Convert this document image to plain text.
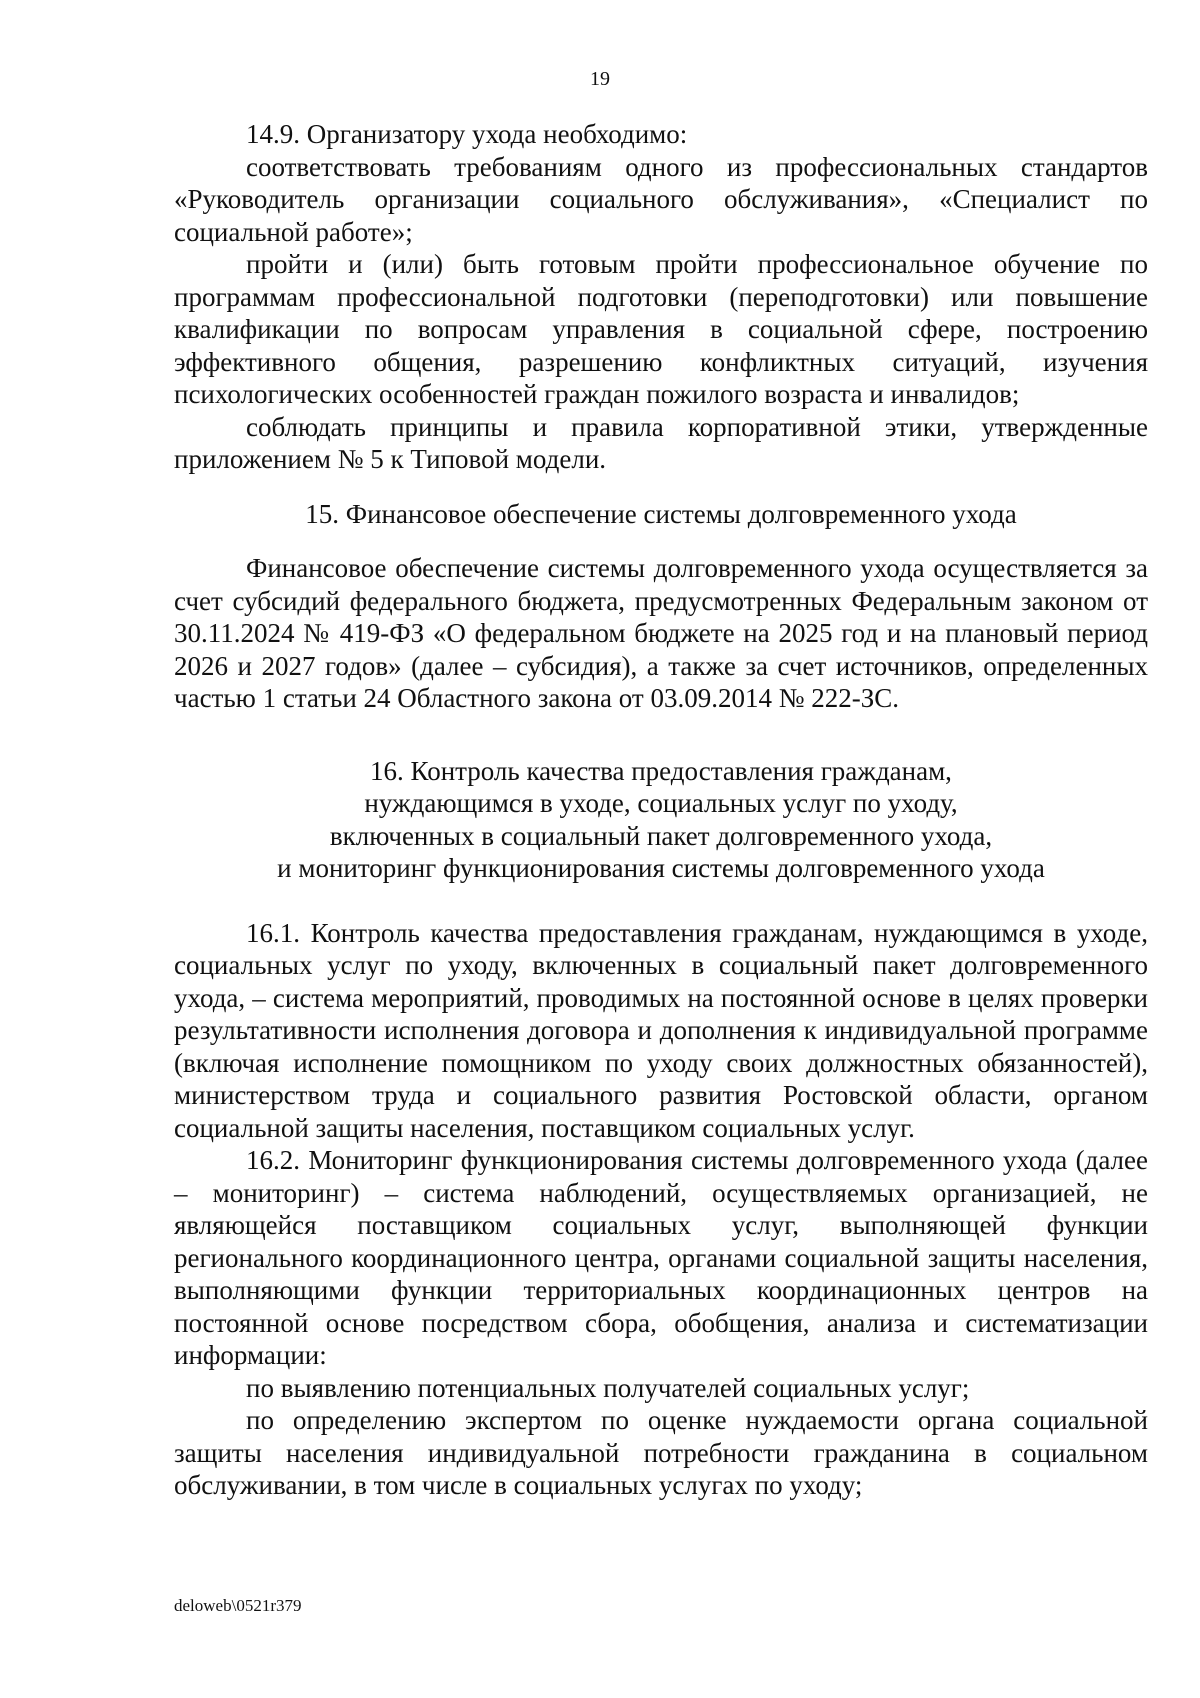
19

14.9. Организатору ухода необходимо:

соответствовать требованиям одного из профессиональных стандартов «Руководитель организации социального обслуживания», «Специалист по социальной работе»;

пройти и (или) быть готовым пройти профессиональное обучение по программам профессиональной подготовки (переподготовки) или повышение квалификации по вопросам управления в социальной сфере, построению эффективного общения, разрешению конфликтных ситуаций, изучения психологических особенностей граждан пожилого возраста и инвалидов;

соблюдать принципы и правила корпоративной этики, утвержденные приложением № 5 к Типовой модели.

15. Финансовое обеспечение системы долговременного ухода

Финансовое обеспечение системы долговременного ухода осуществляется за счет субсидий федерального бюджета, предусмотренных Федеральным законом от 30.11.2024 № 419-ФЗ «О федеральном бюджете на 2025 год и на плановый период 2026 и 2027 годов» (далее – субсидия), а также за счет источников, определенных частью 1 статьи 24 Областного закона от 03.09.2014 № 222-ЗС.

16. Контроль качества предоставления гражданам,
нуждающимся в уходе, социальных услуг по уходу,
включенных в социальный пакет долговременного ухода,
и мониторинг функционирования системы долговременного ухода

16.1. Контроль качества предоставления гражданам, нуждающимся в уходе, социальных услуг по уходу, включенных в социальный пакет долговременного ухода, – система мероприятий, проводимых на постоянной основе в целях проверки результативности исполнения договора и дополнения к индивидуальной программе (включая исполнение помощником по уходу своих должностных обязанностей), министерством труда и социального развития Ростовской области, органом социальной защиты населения, поставщиком социальных услуг.

16.2. Мониторинг функционирования системы долговременного ухода (далее – мониторинг) – система наблюдений, осуществляемых организацией, не являющейся поставщиком социальных услуг, выполняющей функции регионального координационного центра, органами социальной защиты населения, выполняющими функции территориальных координационных центров на постоянной основе посредством сбора, обобщения, анализа и систематизации информации:

по выявлению потенциальных получателей социальных услуг;

по определению экспертом по оценке нуждаемости органа социальной защиты населения индивидуальной потребности гражданина в социальном обслуживании, в том числе в социальных услугах по уходу;

deloweb\0521r379
